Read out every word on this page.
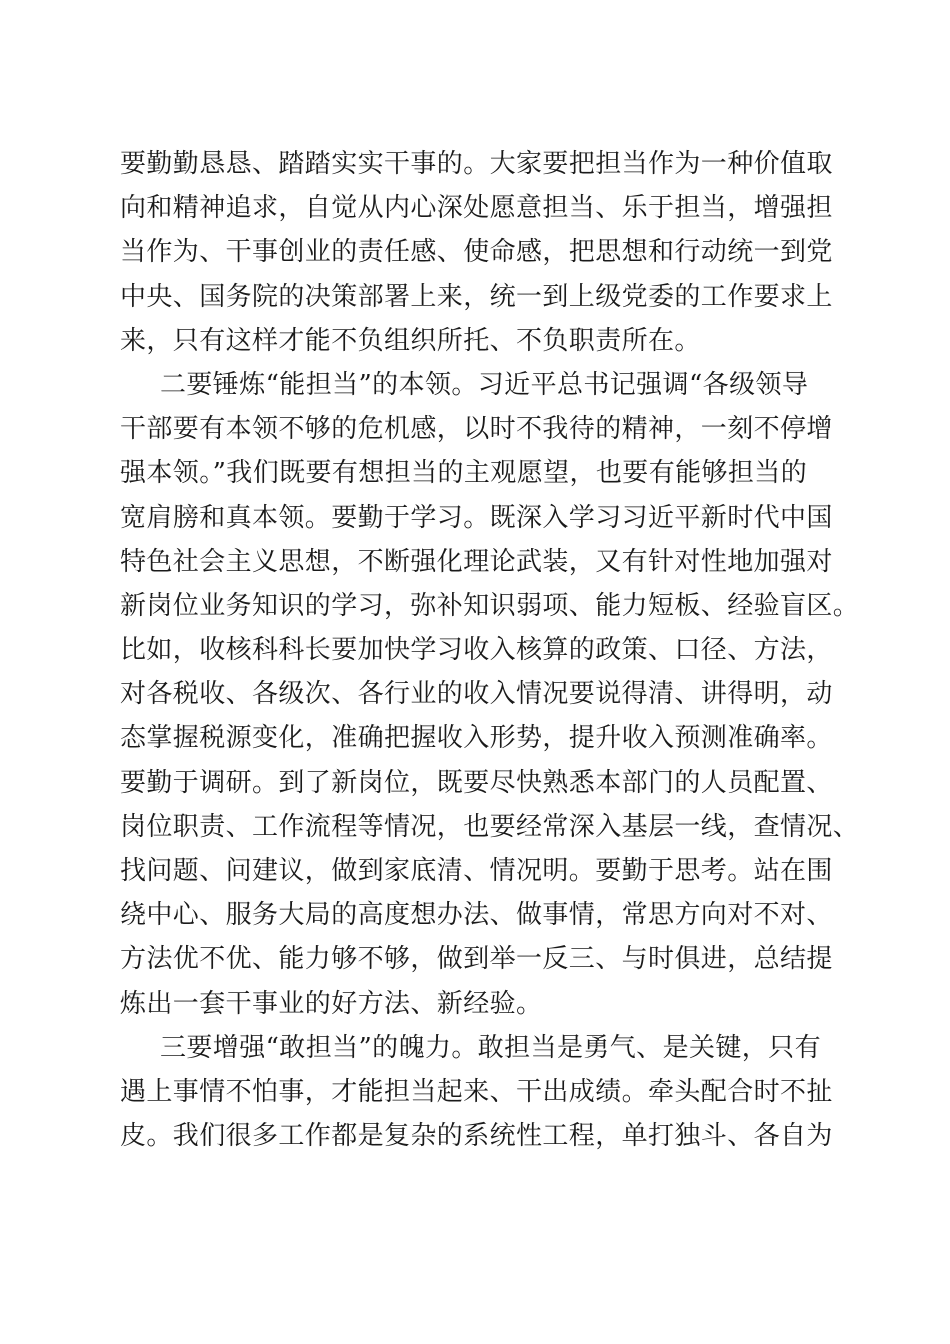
要勤勤恳恳、踏踏实实干事的。大家要把担当作为一种价值取
向和精神追求，自觉从内心深处愿意担当、乐于担当，增强担
当作为、干事创业的责任感、使命感，把思想和行动统一到党
中央、国务院的决策部署上来，统一到上级党委的工作要求上
来，只有这样才能不负组织所托、不负职责所在。
二要锤炼“能担当”的本领。习近平总书记强调“各级领导
干部要有本领不够的危机感，以时不我待的精神，一刻不停增
强本领。”我们既要有想担当的主观愿望，也要有能够担当的
宽肩膀和真本领。要勤于学习。既深入学习习近平新时代中国
特色社会主义思想，不断强化理论武装，又有针对性地加强对
新岗位业务知识的学习，弥补知识弱项、能力短板、经验盲区。
比如，收核科科长要加快学习收入核算的政策、口径、方法，
对各税收、各级次、各行业的收入情况要说得清、讲得明，动
态掌握税源变化，准确把握收入形势，提升收入预测准确率。
要勤于调研。到了新岗位，既要尽快熟悉本部门的人员配置、
岗位职责、工作流程等情况，也要经常深入基层一线，查情况、
找问题、问建议，做到家底清、情况明。要勤于思考。站在围
绕中心、服务大局的高度想办法、做事情，常思方向对不对、
方法优不优、能力够不够，做到举一反三、与时俱进，总结提
炼出一套干事业的好方法、新经验。
三要增强“敢担当”的魄力。敢担当是勇气、是关键，只有
遇上事情不怕事，才能担当起来、干出成绩。牵头配合时不扯
皮。我们很多工作都是复杂的系统性工程，单打独斗、各自为
